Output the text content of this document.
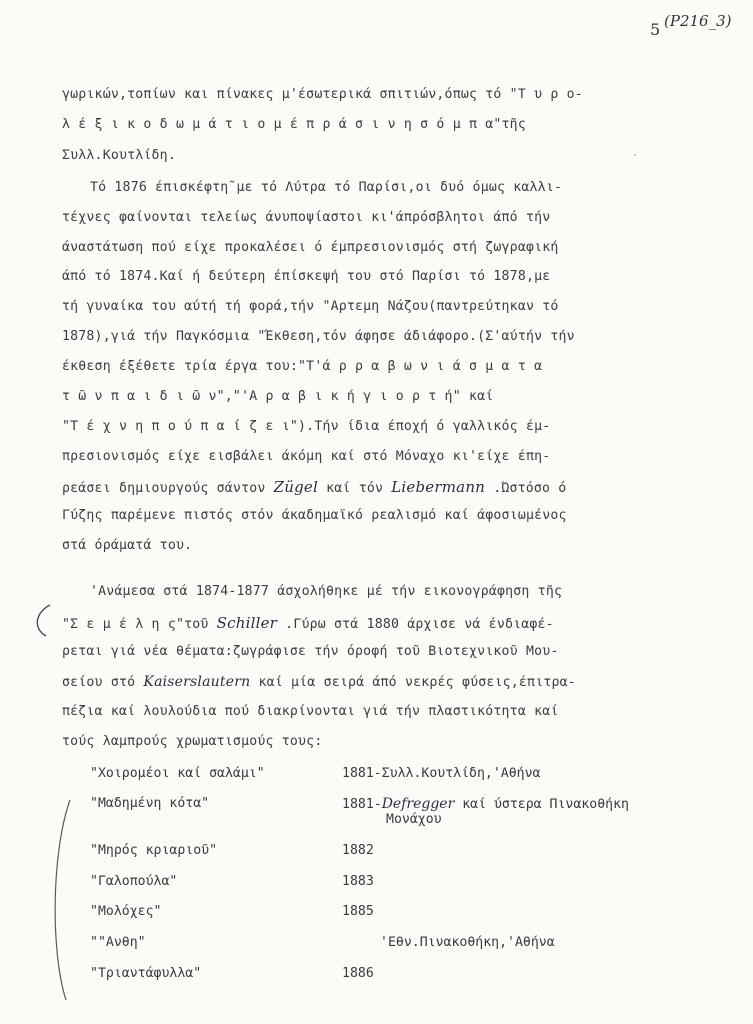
5 (P216_3)
γωρικών,τοπίων και πίνακες μ'έσωτερικά σπιτιών,όπως τό "Τ υ ρ ο-
λ έ ξ ι κ ο δ ω μ ά τ ι ο μ έ π ρ ά σ ι ν η σ ό μ π α"τῆς
Συλλ.Κουτλίδη.
Τό 1876 έπισκέφτη̃ με τό Λύτρα τό Παρίσι,οι δυό όμως καλλι-
τέχνες φαίνονται τελείως άνυποψίαστοι κι'άπρόσβλητοι άπό τήν
άναστάτωση πού είχε προκαλέσει ό έμπρεσιονισμός στή ζωγραφική
άπό τό 1874.Καί ή δεύτερη έπίσκεψή του στό Παρίσι τό 1878,με
τή γυναίκα του αύτή τή φορά,τήν "Αρτεμη Νάζου(παντρεύτηκαν τό
1878),γιά τήν Παγκόσμια "Έκθεση,τόν άφησε άδιάφορο.(Σ'αύτήν τήν
έκθεση έξέθετε τρία έργα του:"Τ'ά ρ ρ α β ω ν ι ά σ μ α τ α
τ ῶ ν π α ι δ ι ῶ ν","'Α ρ α β ι κ ή γ ι ο ρ τ ή" καί
"Τ έ χ ν η π ο ύ π α ί ζ ε ι").Τήν ίδια έποχή ό γαλλικός έμ-
πρεσιονισμός είχε εισβάλει άκόμη καί στό Μόναχο κι'είχε έπη-
ρεάσει δημιουργούς σάντον Zügel καί τόν Liebermann .Ώστόσο ό
Γύζης παρέμενε πιστός στόν άκαδημαϊκό ρεαλισμό καί άφοσιωμένος
στά όράματά του.
'Ανάμεσα στά 1874-1877 άσχολήθηκε μέ τήν εικονογράφηση τῆς
"Σ ε μ έ λ η ς"τοῦ Schiller .Γύρω στά 1880 άρχισε νά ένδιαφέ-
ρεται γιά νέα θέματα:ζωγράφισε τήν όροφή τοῦ Βιοτεχνικοῦ Μου-
σείου στό Kaiserslautern καί μία σειρά άπό νεκρές φύσεις,έπιτρα-
πέζια καί λουλούδια πού διακρίνονται γιά τήν πλαστικότητα καί
τούς λαμπρούς χρωματισμούς τους:
·
"Χοιρομέοι καί σαλάμι"	1881-Συλλ.Κουτλίδη,'Αθήνα
"Μαδημένη κότα"	1881-Defregger καί ύστερα Πινακοθήκη
Μονάχου
"Μηρός κριαριοῦ"	1882
"Γαλοπούλα"	1883
"Μολόχες"	1885
""Ανθη"	'Εθν.Πινακοθήκη,'Αθήνα
"Τριαντάφυλλα"	1886
